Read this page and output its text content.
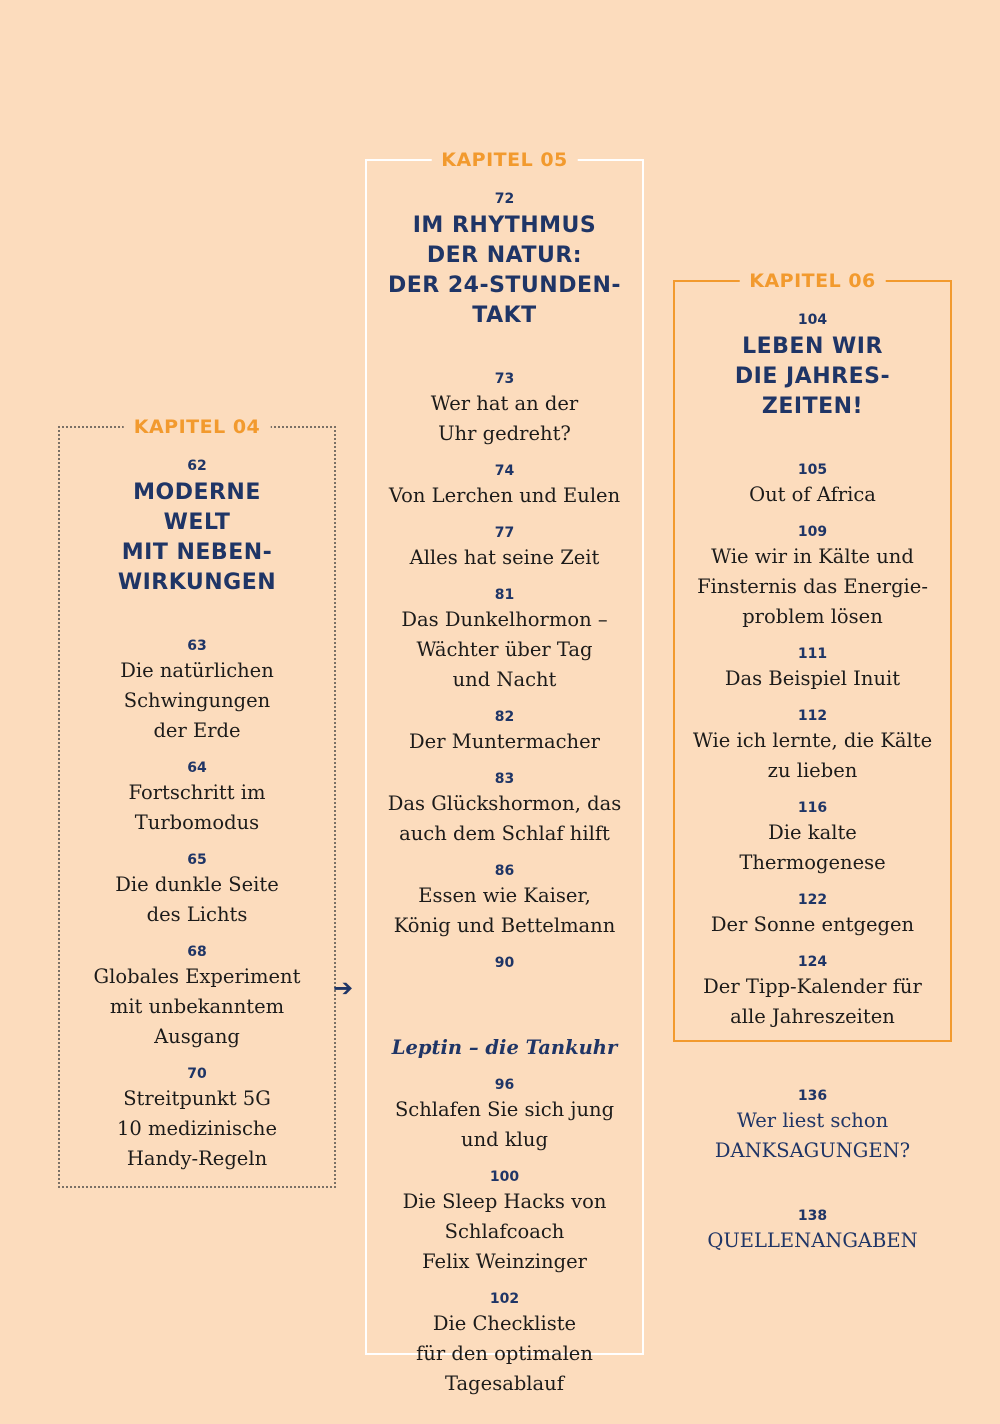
KAPITEL 04
62
MODERNE
WELT
MIT NEBEN-
WIRKUNGEN
63
Die natürlichen
Schwingungen
der Erde
64
Fortschritt im
Turbomodus
65
Die dunkle Seite
des Lichts
68
Globales Experiment
mit unbekanntem
Ausgang
70
Streitpunkt 5G
10 medizinische
Handy-Regeln
KAPITEL 05
72
IM RHYTHMUS
DER NATUR:
DER 24-STUNDEN-
TAKT
73
Wer hat an der
Uhr gedreht?
74
Von Lerchen und Eulen
77
Alles hat seine Zeit
81
Das Dunkelhormon –
Wächter über Tag
und Nacht
82
Der Muntermacher
83
Das Glückshormon, das
auch dem Schlaf hilft
86
Essen wie Kaiser,
König und Bettelmann
90

➔

Leptin – die Tankuhr

96
Schlafen Sie sich jung
und klug
100
Die Sleep Hacks von
Schlafcoach
Felix Weinzinger
102
Die Checkliste
für den optimalen
Tagesablauf
KAPITEL 06
104
LEBEN WIR
DIE JAHRES-
ZEITEN!
105
Out of Africa
109
Wie wir in Kälte und
Finsternis das Energie-
problem lösen
111
Das Beispiel Inuit
112
Wie ich lernte, die Kälte
zu lieben
116
Die kalte
Thermogenese
122
Der Sonne entgegen
124
Der Tipp-Kalender für
alle Jahreszeiten
136
Wer liest schon
DANKSAGUNGEN?
138
QUELLENANGABEN
